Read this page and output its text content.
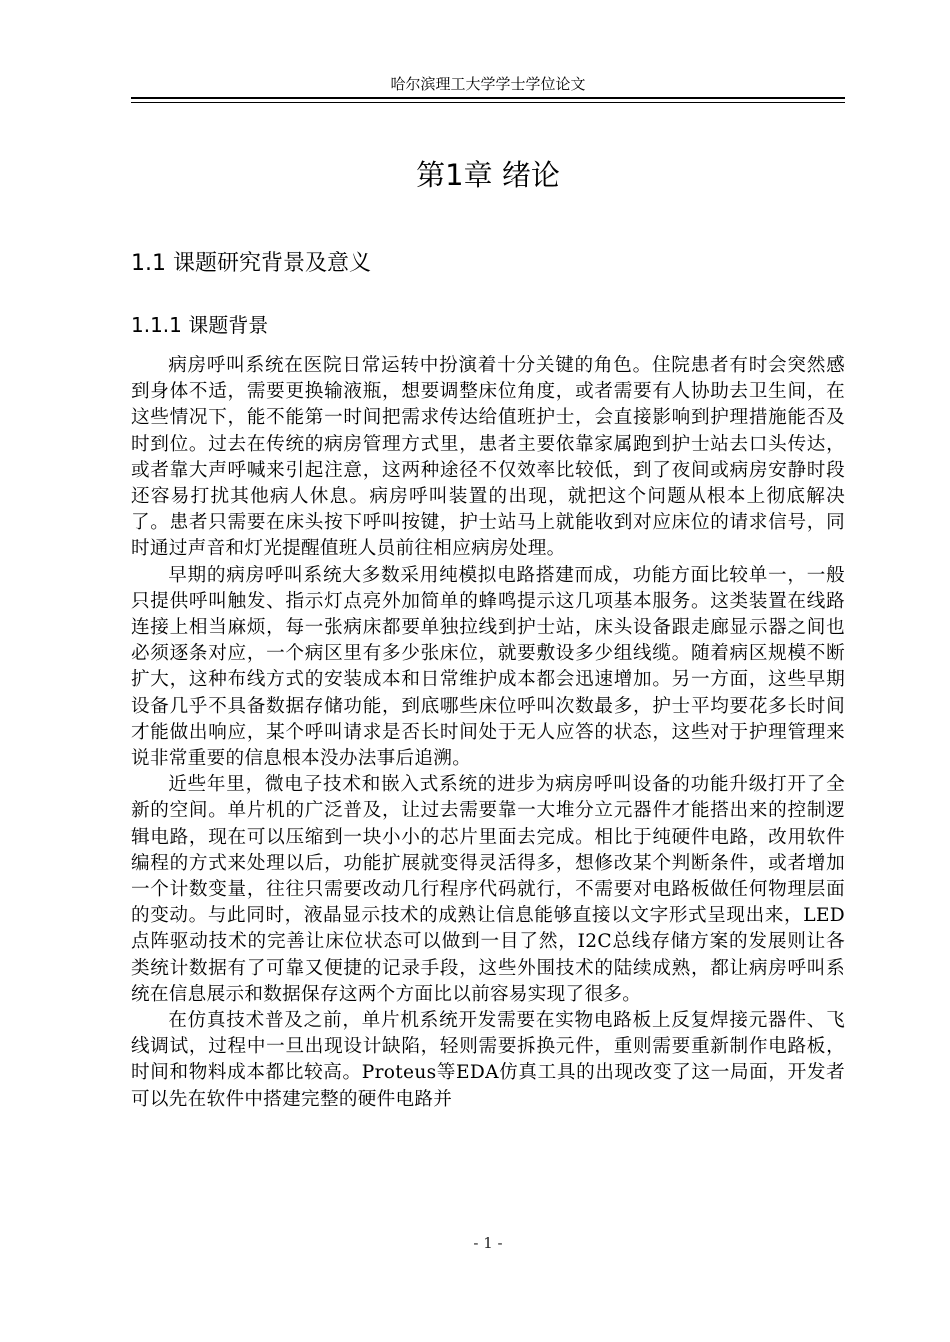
哈尔滨理工大学学士学位论文
第1章 绪论
1.1 课题研究背景及意义
1.1.1 课题背景

病房呼叫系统在医院日常运转中扮演着十分关键的角色。住院患者有时会突然感到身体不适，需要更换输液瓶，想要调整床位角度，或者需要有人协助去卫生间，在这些情况下，能不能第一时间把需求传达给值班护士，会直接影响到护理措施能否及时到位。过去在传统的病房管理方式里，患者主要依靠家属跑到护士站去口头传达，或者靠大声呼喊来引起注意，这两种途径不仅效率比较低，到了夜间或病房安静时段还容易打扰其他病人休息。病房呼叫装置的出现，就把这个问题从根本上彻底解决了。患者只需要在床头按下呼叫按键，护士站马上就能收到对应床位的请求信号，同时通过声音和灯光提醒值班人员前往相应病房处理。

早期的病房呼叫系统大多数采用纯模拟电路搭建而成，功能方面比较单一，一般只提供呼叫触发、指示灯点亮外加简单的蜂鸣提示这几项基本服务。这类装置在线路连接上相当麻烦，每一张病床都要单独拉线到护士站，床头设备跟走廊显示器之间也必须逐条对应，一个病区里有多少张床位，就要敷设多少组线缆。随着病区规模不断扩大，这种布线方式的安装成本和日常维护成本都会迅速增加。另一方面，这些早期设备几乎不具备数据存储功能，到底哪些床位呼叫次数最多，护士平均要花多长时间才能做出响应，某个呼叫请求是否长时间处于无人应答的状态，这些对于护理管理来说非常重要的信息根本没办法事后追溯。

近些年里，微电子技术和嵌入式系统的进步为病房呼叫设备的功能升级打开了全新的空间。单片机的广泛普及，让过去需要靠一大堆分立元器件才能搭出来的控制逻辑电路，现在可以压缩到一块小小的芯片里面去完成。相比于纯硬件电路，改用软件编程的方式来处理以后，功能扩展就变得灵活得多，想修改某个判断条件，或者增加一个计数变量，往往只需要改动几行程序代码就行，不需要对电路板做任何物理层面的变动。与此同时，液晶显示技术的成熟让信息能够直接以文字形式呈现出来，LED点阵驱动技术的完善让床位状态可以做到一目了然，I2C总线存储方案的发展则让各类统计数据有了可靠又便捷的记录手段，这些外围技术的陆续成熟，都让病房呼叫系统在信息展示和数据保存这两个方面比以前容易实现了很多。

在仿真技术普及之前，单片机系统开发需要在实物电路板上反复焊接元器件、飞线调试，过程中一旦出现设计缺陷，轻则需要拆换元件，重则需要重新制作电路板，时间和物料成本都比较高。Proteus等EDA仿真工具的出现改变了这一局面，开发者可以先在软件中搭建完整的硬件电路并

- 1 -
